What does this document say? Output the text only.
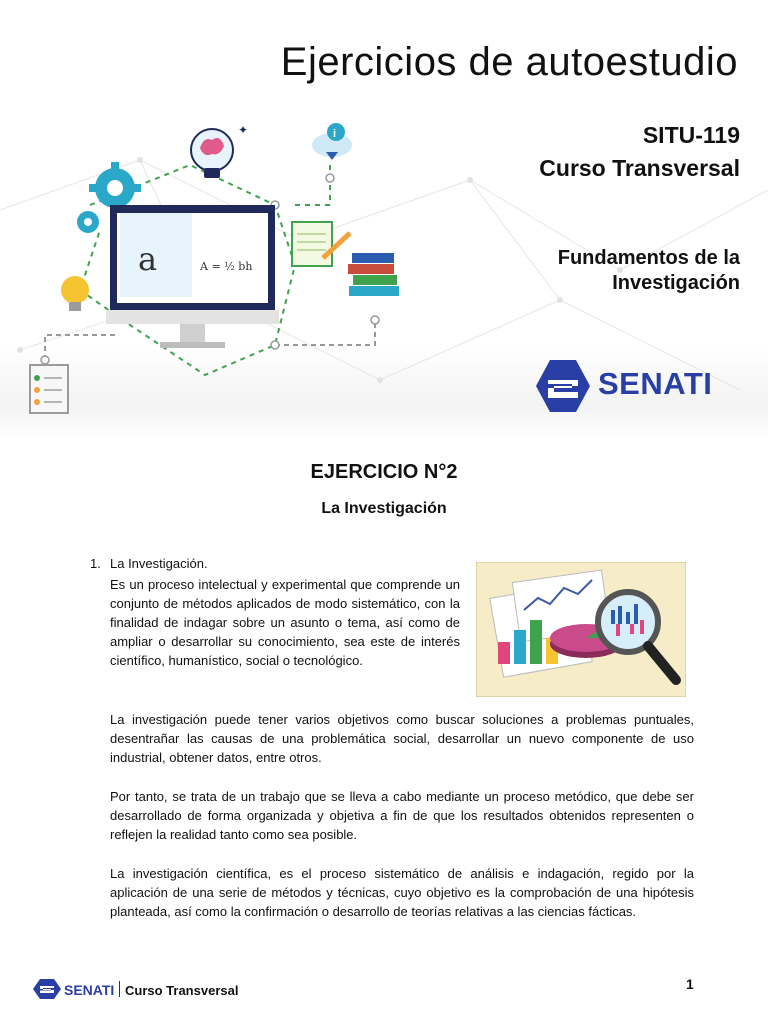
✦	i
a	A = ½ bh
Ejercicios de autoestudio
SITU-119
Curso Transversal
Fundamentos de la
Investigación
SENATI
EJERCICIO N°2
La Investigación
1. La Investigación.

Es un proceso intelectual y experimental que comprende un conjunto de métodos aplicados de modo sistemático, con la finalidad de indagar sobre un asunto o tema, así como de ampliar o desarrollar su conocimiento, sea este de interés científico, humanístico, social o tecnológico.

La investigación puede tener varios objetivos como buscar soluciones a problemas puntuales, desentrañar las causas de una problemática social, desarrollar un nuevo componente de uso industrial, obtener datos, entre otros.

Por tanto, se trata de un trabajo que se lleva a cabo mediante un proceso metódico, que debe ser desarrollado de forma organizada y objetiva a fin de que los resultados obtenidos representen o reflejen la realidad tanto como sea posible.

La investigación científica, es el proceso sistemático de análisis e indagación, regido por la aplicación de una serie de métodos y técnicas, cuyo objetivo es la comprobación de una hipótesis planteada, así como la confirmación o desarrollo de teorías relativas a las ciencias fácticas.

SENATI Curso Transversal	1
